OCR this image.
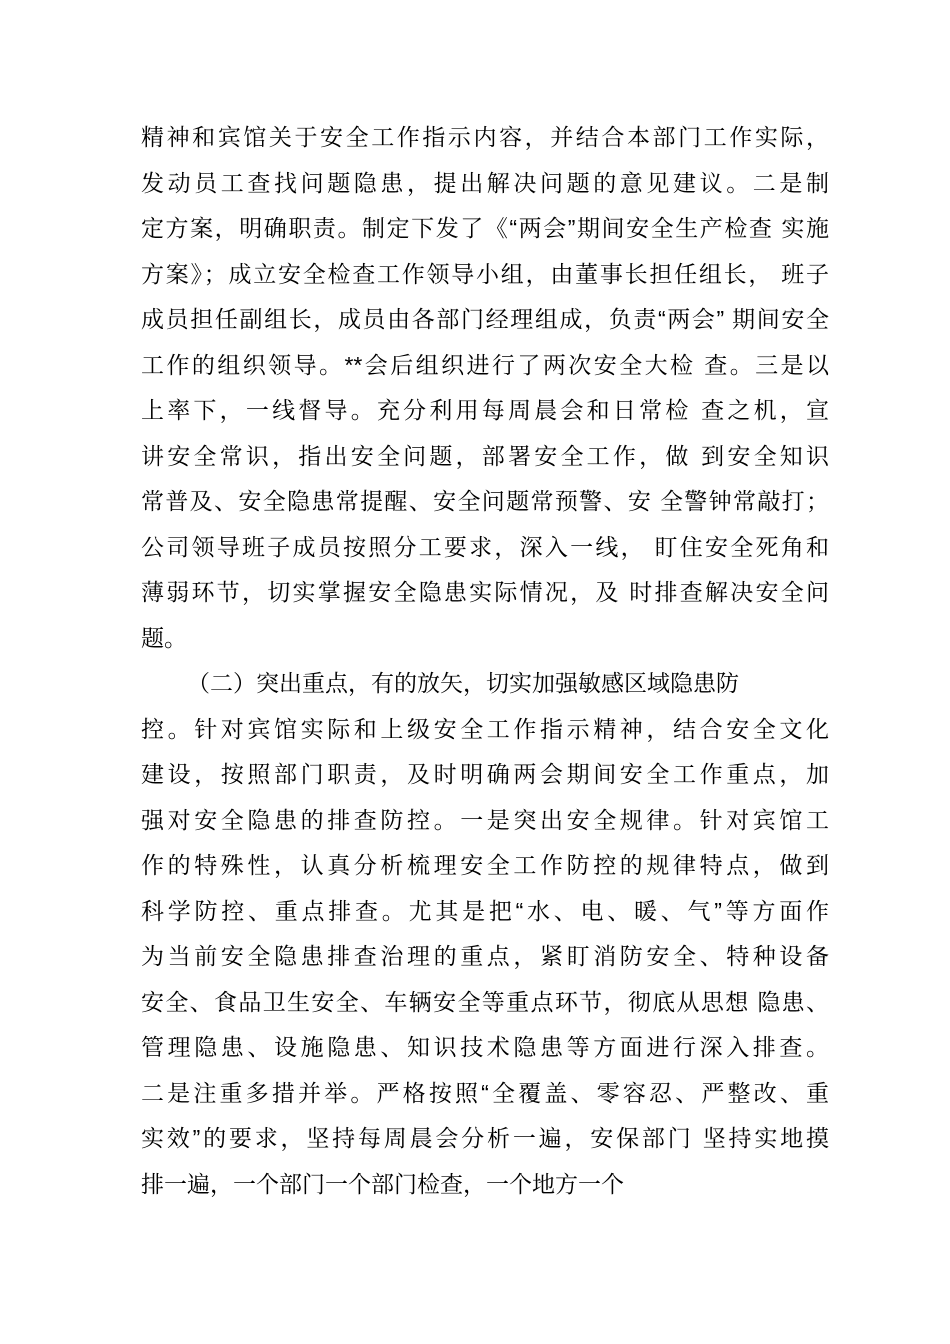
精神和宾馆关于安全工作指示内容，并结合本部门工作实际，
发动员工查找问题隐患，提出解决问题的意见建议。二是制
定方案，明确职责。制定下发了《“两会”期间安全生产检查 实施
方案》；成立安全检查工作领导小组，由董事长担任组长， 班子
成员担任副组长，成员由各部门经理组成，负责“两会” 期间安全
工作的组织领导。**会后组织进行了两次安全大检 查。三是以
上率下，一线督导。充分利用每周晨会和日常检 查之机，宣
讲安全常识，指出安全问题，部署安全工作，做 到安全知识
常普及、安全隐患常提醒、安全问题常预警、安 全警钟常敲打；
公司领导班子成员按照分工要求，深入一线， 盯住安全死角和
薄弱环节，切实掌握安全隐患实际情况，及 时排查解决安全问
题。
（二）突出重点，有的放矢，切实加强敏感区域隐患防
控。针对宾馆实际和上级安全工作指示精神，结合安全文化
建设，按照部门职责，及时明确两会期间安全工作重点，加
强对安全隐患的排查防控。一是突出安全规律。针对宾馆工
作的特殊性，认真分析梳理安全工作防控的规律特点，做到
科学防控、重点排查。尤其是把“水、电、暖、气”等方面作
为当前安全隐患排查治理的重点，紧盯消防安全、特种设备
安全、食品卫生安全、车辆安全等重点环节，彻底从思想 隐患、
管理隐患、设施隐患、知识技术隐患等方面进行深入排查。
二是注重多措并举。严格按照“全覆盖、零容忍、严整改、重
实效”的要求，坚持每周晨会分析一遍，安保部门 坚持实地摸
排一遍，一个部门一个部门检查，一个地方一个
